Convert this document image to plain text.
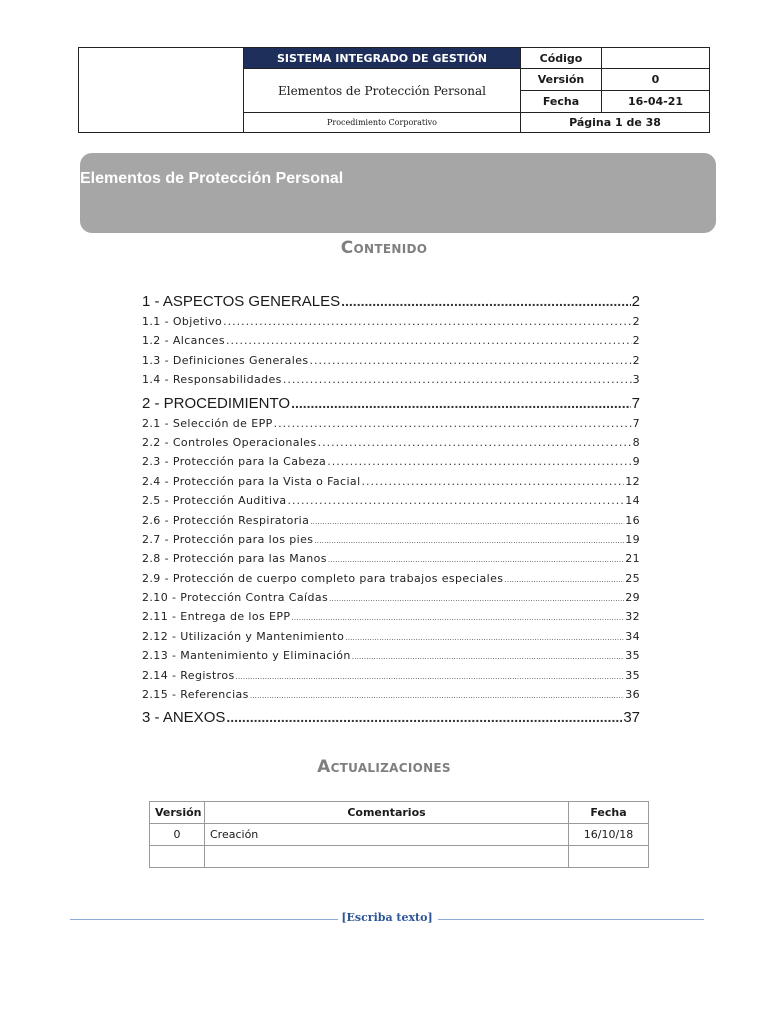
	SISTEMA INTEGRADO DE GESTIÓN	Código	
	Elementos de Protección Personal	Versión	0
		Fecha	16-04-21
	Procedimiento Corporativo	Página 1 de 38	
Elementos de Protección Personal
Contenido
1 - ASPECTOS GENERALES .....	2
1.1 - Objetivo .....	2
1.2 - Alcances .....	2
1.3 - Definiciones Generales .....	2
1.4 - Responsabilidades .....	3
2 - PROCEDIMIENTO .....	7
2.1 - Selección de EPP .....	7
2.2 - Controles Operacionales .....	8
2.3 - Protección para la Cabeza .....	9
2.4 - Protección para la Vista o Facial .....	12
2.5 - Protección Auditiva .....	14
2.6 - Protección Respiratoria .....	16
2.7 - Protección para los pies .....	19
2.8 - Protección para las Manos .....	21
2.9 - Protección de cuerpo completo para trabajos especiales .....	25
2.10 - Protección Contra Caídas .....	29
2.11 - Entrega de los EPP .....	32
2.12 - Utilización y Mantenimiento .....	34
2.13 - Mantenimiento y Eliminación .....	35
2.14 - Registros .....	35
2.15 - Referencias .....	36
3 - ANEXOS .....	37
Actualizaciones
Versión	Comentarios	Fecha
0	Creación	16/10/18

[Escriba texto]
